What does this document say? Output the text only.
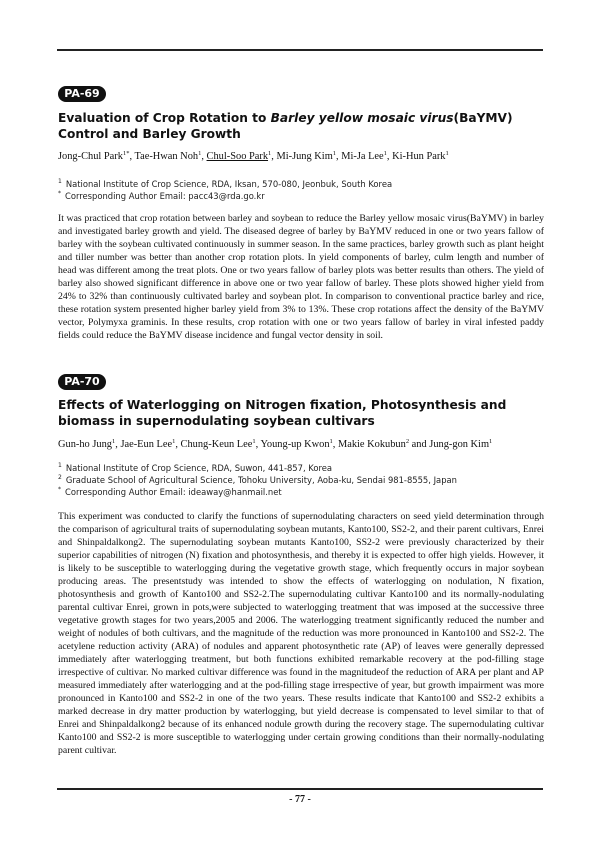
PA-69
Evaluation of Crop Rotation to Barley yellow mosaic virus(BaYMV) Control and Barley Growth
Jong-Chul Park$^{1*}$, Tae-Hwan Noh$^1$, Chul-Soo Park$^1$, Mi-Jung Kim$^1$, Mi-Ja Lee$^1$, Ki-Hun Park$^1$
$^1$ National Institute of Crop Science, RDA, Iksan, 570-080, Jeonbuk, South Korea
* Corresponding Author Email: pacc43@rda.go.kr
It was practiced that crop rotation between barley and soybean to reduce the Barley yellow mosaic virus(BaYMV) in barley and investigated barley growth and yield. The diseased degree of barley by BaYMV reduced in one or two years fallow of barley with the soybean cultivated continuously in summer season. In the same practices, barley growth such as plant height and tiller number was better than another crop rotation plots. In yield components of barley, culm length and number of head was different among the treat plots. One or two years fallow of barley plots was better results than others. The yield of barley also showed significant difference in above one or two year fallow of barley. These plots showed higher yield from 24% to 32% than continuously cultivated barley and soybean plot. In comparison to conventional practice barley and rice, these rotation system presented higher barley yield from 3% to 13%. These crop rotations affect the density of the BaYMV vector, Polymyxa graminis. In these results, crop rotation with one or two years fallow of barley in viral infested paddy fields could reduce the BaYMV disease incidence and fungal vector density in soil.
PA-70
Effects of Waterlogging on Nitrogen fixation, Photosynthesis and biomass in supernodulating soybean cultivars
Gun-ho Jung$^1$, Jae-Eun Lee$^1$, Chung-Keun Lee$^1$, Young-up Kwon$^1$, Makie Kokubun$^2$ and Jung-gon Kim$^1$
$^1$ National Institute of Crop Science, RDA, Suwon, 441-857, Korea
$^2$ Graduate School of Agricultural Science, Tohoku University, Aoba-ku, Sendai 981-8555, Japan
* Corresponding Author Email: ideaway@hanmail.net
This experiment was conducted to clarify the functions of supernodulating characters on seed yield determination through the comparison of agricultural traits of supernodulating soybean mutants, Kanto100, SS2-2, and their parent cultivars, Enrei and Shinpaldalkong2. The supernodulating soybean mutants Kanto100, SS2-2 were previously characterized by their superior capabilities of nitrogen (N) fixation and photosynthesis, and thereby it is expected to offer high yields. However, it is likely to be susceptible to waterlogging during the vegetative growth stage, which frequently occurs in major soybean producing areas. The presentstudy was intended to show the effects of waterlogging on nodulation, N fixation, photosynthesis and growth of Kanto100 and SS2-2.The supernodulating cultivar Kanto100 and its normally-nodulating parental cultivar Enrei, grown in pots,were subjected to waterlogging treatment that was imposed at the successive three vegetative growth stages for two years,2005 and 2006. The waterlogging treatment significantly reduced the number and weight of nodules of both cultivars, and the magnitude of the reduction was more pronounced in Kanto100 and SS2-2. The acetylene reduction activity (ARA) of nodules and apparent photosynthetic rate (AP) of leaves were generally depressed immediately after waterlogging treatment, but both functions exhibited remarkable recovery at the pod-filling stage irrespective of cultivar. No marked cultivar difference was found in the magnitudeof the reduction of ARA per plant and AP measured immediately after waterlogging and at the pod-filling stage irrespective of year, but growth impairment was more pronounced in Kanto100 and SS2-2 in one of the two years. These results indicate that Kanto100 and SS2-2 exhibits a marked decrease in dry matter production by waterlogging, but yield decrease is compensated to level similar to that of Enrei and Shinpaldalkong2 because of its enhanced nodule growth during the recovery stage. The supernodulating cultivar Kanto100 and SS2-2 is more susceptible to waterlogging under certain growing conditions than their normally-nodulating parent cultivar.
- 77 -
